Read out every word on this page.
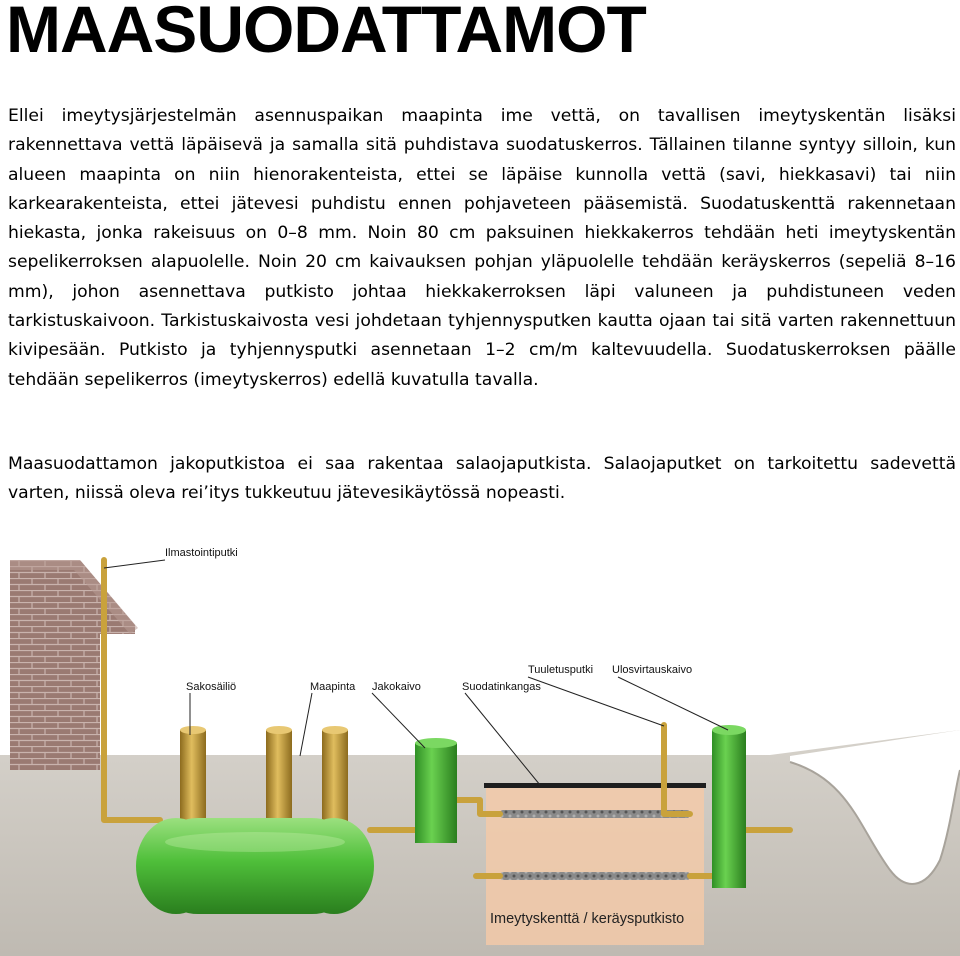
MAASUODATTAMOT

Ellei imeytysjärjestelmän asennuspaikan maapinta ime vettä, on tavallisen imeytyskentän lisäksi rakennettava vettä läpäisevä ja samalla sitä puhdistava suodatuskerros. Tällainen tilanne syntyy silloin, kun alueen maapinta on niin hienorakenteista, ettei se läpäise kunnolla vettä (savi, hiekkasavi) tai niin karkearakenteista, ettei jätevesi puhdistu ennen pohjaveteen pääsemistä. Suodatuskenttä rakennetaan hiekasta, jonka rakeisuus on 0–8 mm. Noin 80 cm paksuinen hiekkakerros tehdään heti imeytyskentän sepelikerroksen alapuolelle. Noin 20 cm kaivauksen pohjan yläpuolelle tehdään keräyskerros (sepeliä 8–16 mm), johon asennettava putkisto johtaa hiekkakerroksen läpi valuneen ja puhdistuneen veden tarkistuskaivoon. Tarkistuskaivosta vesi johdetaan tyhjennysputken kautta ojaan tai sitä varten rakennettuun kivipesään. Putkisto ja tyhjennysputki asennetaan 1–2 cm/m kaltevuudella. Suodatuskerroksen päälle tehdään sepelikerros (imeytyskerros) edellä kuvatulla tavalla.

Maasuodattamon jakoputkistoa ei saa rakentaa salaojaputkista. Salaojaputket on tarkoitettu sadevettä varten, niissä oleva rei’itys tukkeutuu jätevesikäytössä nopeasti.

Ilmastointiputki
Sakosäiliö	Maapinta Jakokaivo	Suodatinkangas
Tuuletusputki Ulosvirtauskaivo
Imeytyskenttä / keräysputkisto
